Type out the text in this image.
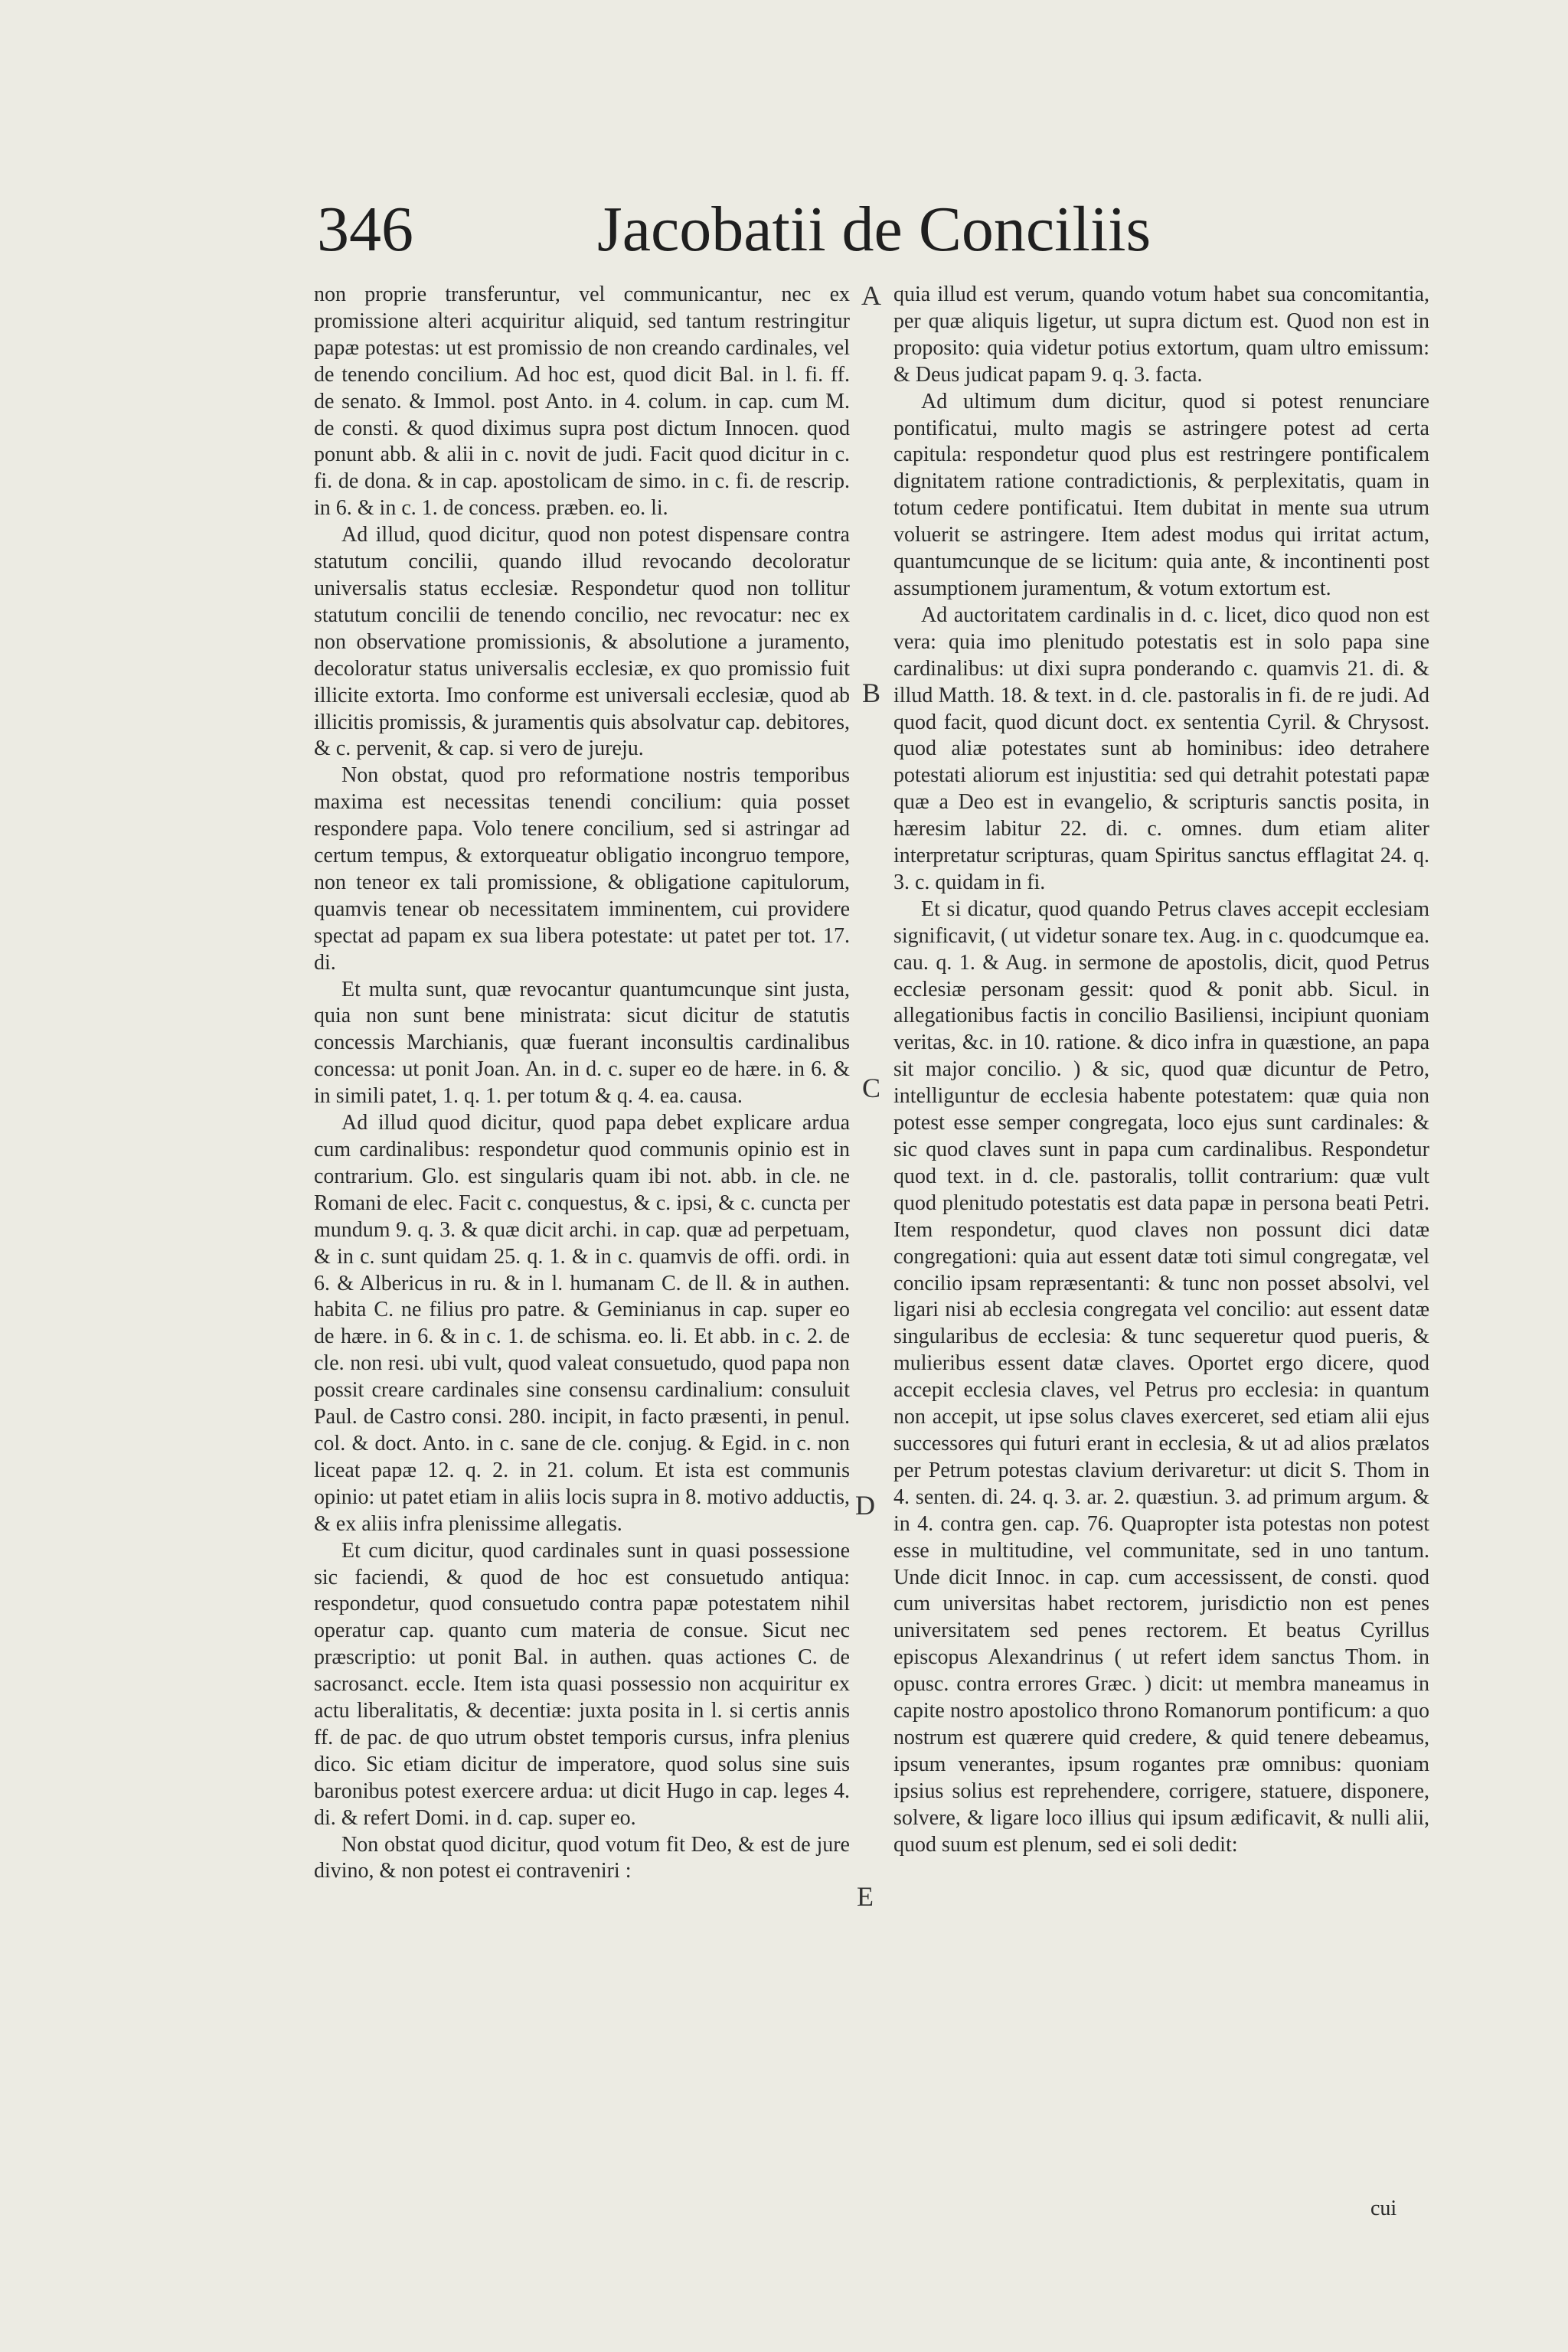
346	Jacobatii de Conciliis

non proprie transferuntur, vel communicantur, nec ex promissione alteri acquiritur aliquid, sed tantum restringitur papæ potestas: ut est promissio de non creando cardinales, vel de tenendo concilium. Ad hoc est, quod dicit Bal. in l. fi. ff. de senato. & Immol. post Anto. in 4. colum. in cap. cum M. de consti. & quod diximus supra post dictum Innocen. quod ponunt abb. & alii in c. novit de judi. Facit quod dicitur in c. fi. de dona. & in cap. apostolicam de simo. in c. fi. de rescrip. in 6. & in c. 1. de concess. præben. eo. li.

Ad illud, quod dicitur, quod non potest dispensare contra statutum concilii, quando illud revocando decoloratur universalis status ecclesiæ. Respondetur quod non tollitur statutum concilii de tenendo concilio, nec revocatur: nec ex non observatione promissionis, & absolutione a juramento, decoloratur status universalis ecclesiæ, ex quo promissio fuit illicite extorta. Imo conforme est universali ecclesiæ, quod ab illicitis promissis, & juramentis quis absolvatur cap. debitores, & c. pervenit, & cap. si vero de jureju.

Non obstat, quod pro reformatione nostris temporibus maxima est necessitas tenendi concilium: quia posset respondere papa. Volo tenere concilium, sed si astringar ad certum tempus, & extorqueatur obligatio incongruo tempore, non teneor ex tali promissione, & obligatione capitulorum, quamvis tenear ob necessitatem imminentem, cui providere spectat ad papam ex sua libera potestate: ut patet per tot. 17. di.

Et multa sunt, quæ revocantur quantumcunque sint justa, quia non sunt bene ministrata: sicut dicitur de statutis concessis Marchianis, quæ fuerant inconsultis cardinalibus concessa: ut ponit Joan. An. in d. c. super eo de hære. in 6. & in simili patet, 1. q. 1. per totum & q. 4. ea. causa.

Ad illud quod dicitur, quod papa debet explicare ardua cum cardinalibus: respondetur quod communis opinio est in contrarium. Glo. est singularis quam ibi not. abb. in cle. ne Romani de elec. Facit c. conquestus, & c. ipsi, & c. cuncta per mundum 9. q. 3. & quæ dicit archi. in cap. quæ ad perpetuam, & in c. sunt quidam 25. q. 1. & in c. quamvis de offi. ordi. in 6. & Albericus in ru. & in l. humanam C. de ll. & in authen. habita C. ne filius pro patre. & Geminianus in cap. super eo de hære. in 6. & in c. 1. de schisma. eo. li. Et abb. in c. 2. de cle. non resi. ubi vult, quod valeat consuetudo, quod papa non possit creare cardinales sine consensu cardinalium: consuluit Paul. de Castro consi. 280. incipit, in facto præsenti, in penul. col. & doct. Anto. in c. sane de cle. conjug. & Egid. in c. non liceat papæ 12. q. 2. in 21. colum. Et ista est communis opinio: ut patet etiam in aliis locis supra in 8. motivo adductis, & ex aliis infra plenissime allegatis.

Et cum dicitur, quod cardinales sunt in quasi possessione sic faciendi, & quod de hoc est consuetudo antiqua: respondetur, quod consuetudo contra papæ potestatem nihil operatur cap. quanto cum materia de consue. Sicut nec præscriptio: ut ponit Bal. in authen. quas actiones C. de sacrosanct. eccle. Item ista quasi possessio non acquiritur ex actu liberalitatis, & decentiæ: juxta posita in l. si certis annis ff. de pac. de quo utrum obstet temporis cursus, infra plenius dico. Sic etiam dicitur de imperatore, quod solus sine suis baronibus potest exercere ardua: ut dicit Hugo in cap. leges 4. di. & refert Domi. in d. cap. super eo.

Non obstat quod dicitur, quod votum fit Deo, & est de jure divino, & non potest ei contraveniri :

A
B
C
D
E

quia illud est verum, quando votum habet sua concomitantia, per quæ aliquis ligetur, ut supra dictum est. Quod non est in proposito: quia videtur potius extortum, quam ultro emissum: & Deus judicat papam 9. q. 3. facta.

Ad ultimum dum dicitur, quod si potest renunciare pontificatui, multo magis se astringere potest ad certa capitula: respondetur quod plus est restringere pontificalem dignitatem ratione contradictionis, & perplexitatis, quam in totum cedere pontificatui. Item dubitat in mente sua utrum voluerit se astringere. Item adest modus qui irritat actum, quantumcunque de se licitum: quia ante, & incontinenti post assumptionem juramentum, & votum extortum est.

Ad auctoritatem cardinalis in d. c. licet, dico quod non est vera: quia imo plenitudo potestatis est in solo papa sine cardinalibus: ut dixi supra ponderando c. quamvis 21. di. & illud Matth. 18. & text. in d. cle. pastoralis in fi. de re judi. Ad quod facit, quod dicunt doct. ex sententia Cyril. & Chrysost. quod aliæ potestates sunt ab hominibus: ideo detrahere potestati aliorum est injustitia: sed qui detrahit potestati papæ quæ a Deo est in evangelio, & scripturis sanctis posita, in hæresim labitur 22. di. c. omnes. dum etiam aliter interpretatur scripturas, quam Spiritus sanctus efflagitat 24. q. 3. c. quidam in fi.

Et si dicatur, quod quando Petrus claves accepit ecclesiam significavit, ( ut videtur sonare tex. Aug. in c. quodcumque ea. cau. q. 1. & Aug. in sermone de apostolis, dicit, quod Petrus ecclesiæ personam gessit: quod & ponit abb. Sicul. in allegationibus factis in concilio Basiliensi, incipiunt quoniam veritas, &c. in 10. ratione. & dico infra in quæstione, an papa sit major concilio. ) & sic, quod quæ dicuntur de Petro, intelliguntur de ecclesia habente potestatem: quæ quia non potest esse semper congregata, loco ejus sunt cardinales: & sic quod claves sunt in papa cum cardinalibus. Respondetur quod text. in d. cle. pastoralis, tollit contrarium: quæ vult quod plenitudo potestatis est data papæ in persona beati Petri. Item respondetur, quod claves non possunt dici datæ congregationi: quia aut essent datæ toti simul congregatæ, vel concilio ipsam repræsentanti: & tunc non posset absolvi, vel ligari nisi ab ecclesia congregata vel concilio: aut essent datæ singularibus de ecclesia: & tunc sequeretur quod pueris, & mulieribus essent datæ claves. Oportet ergo dicere, quod accepit ecclesia claves, vel Petrus pro ecclesia: in quantum non accepit, ut ipse solus claves exerceret, sed etiam alii ejus successores qui futuri erant in ecclesia, & ut ad alios prælatos per Petrum potestas clavium derivaretur: ut dicit S. Thom in 4. senten. di. 24. q. 3. ar. 2. quæstiun. 3. ad primum argum. & in 4. contra gen. cap. 76. Quapropter ista potestas non potest esse in multitudine, vel communitate, sed in uno tantum. Unde dicit Innoc. in cap. cum accessissent, de consti. quod cum universitas habet rectorem, jurisdictio non est penes universitatem sed penes rectorem. Et beatus Cyrillus episcopus Alexandrinus ( ut refert idem sanctus Thom. in opusc. contra errores Græc. ) dicit: ut membra maneamus in capite nostro apostolico throno Romanorum pontificum: a quo nostrum est quærere quid credere, & quid tenere debeamus, ipsum venerantes, ipsum rogantes præ omnibus: quoniam ipsius solius est reprehendere, corrigere, statuere, disponere, solvere, & ligare loco illius qui ipsum ædificavit, & nulli alii, quod suum est plenum, sed ei soli dedit:

cui
